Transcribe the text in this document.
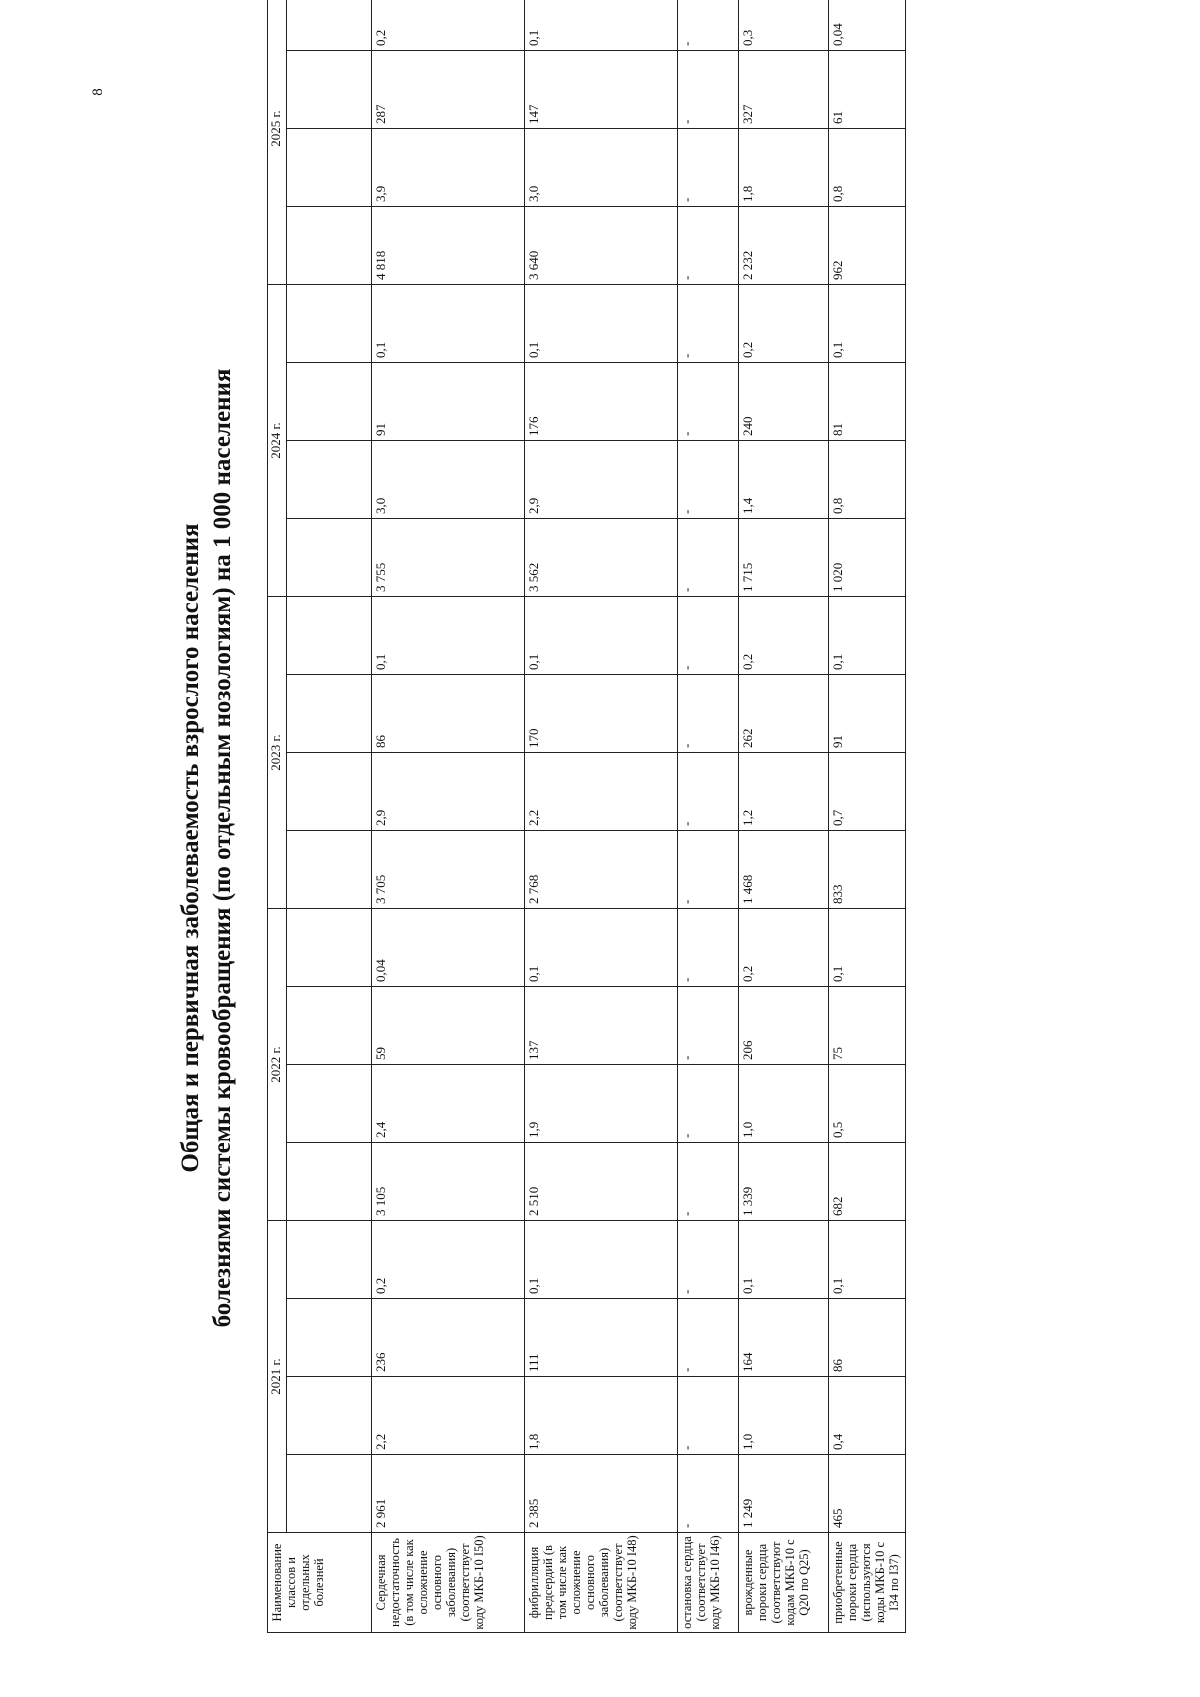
8
Общая и первичная заболеваемость взрослого населения болезнями системы кровообращения (по отдельным нозологиям) на 1 000 населения
Наименование классов и отдельных болезней	2021 г.				2022 г.				2023 г.				2024 г.				2025 г.			

Сердечная недостаточность (в том числе как осложнение основного заболевания) (соответствует коду МКБ-10 I50)	2 961	2,2	236	0,2	3 105	2,4	59	0,04	3 705	2,9	86	0,1	3 755	3,0	91	0,1	4 818	3,9	287	0,2
фибрилляция предсердий (в том числе как осложнение основного заболевания) (соответствует коду МКБ-10 I48)	2 385	1,8	111	0,1	2 510	1,9	137	0,1	2 768	2,2	170	0,1	3 562	2,9	176	0,1	3 640	3,0	147	0,1
остановка сердца (соответствует коду МКБ-10 I46)	-	-	-	-	-	-	-	-	-	-	-	-	-	-	-	-	-	-	-	-
врожденные пороки сердца (соответствуют кодам МКБ-10 с Q20 по Q25)	1 249	1,0	164	0,1	1 339	1,0	206	0,2	1 468	1,2	262	0,2	1 715	1,4	240	0,2	2 232	1,8	327	0,3
приобретенные пороки сердца (используются коды МКБ-10 с I34 по I37)	465	0,4	86	0,1	682	0,5	75	0,1	833	0,7	91	0,1	1 020	0,8	81	0,1	962	0,8	61	0,04
